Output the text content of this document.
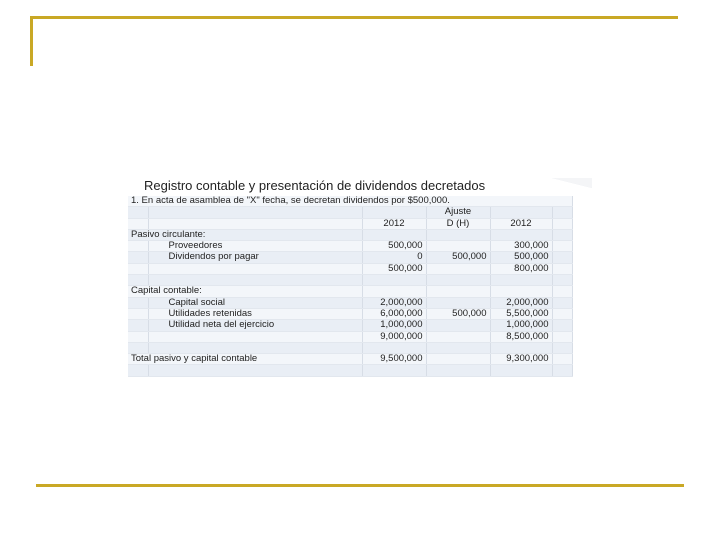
Registro contable y presentación de dividendos decretados
1. En acta de asamblea de "X" fecha, se decretan dividendos por $500,000.					
			Ajuste		
		2012	D (H)	2012	
Pasivo circulante:					
	Proveedores	500,000		300,000	
	Dividendos por pagar	0	500,000	500,000	
		500,000		800,000	

Capital contable:					
	Capital social	2,000,000		2,000,000	
	Utilidades retenidas	6,000,000	500,000	5,500,000	
	Utilidad neta del ejercicio	1,000,000		1,000,000	
		9,000,000		8,500,000	

Total pasivo y capital contable		9,500,000		9,300,000	
